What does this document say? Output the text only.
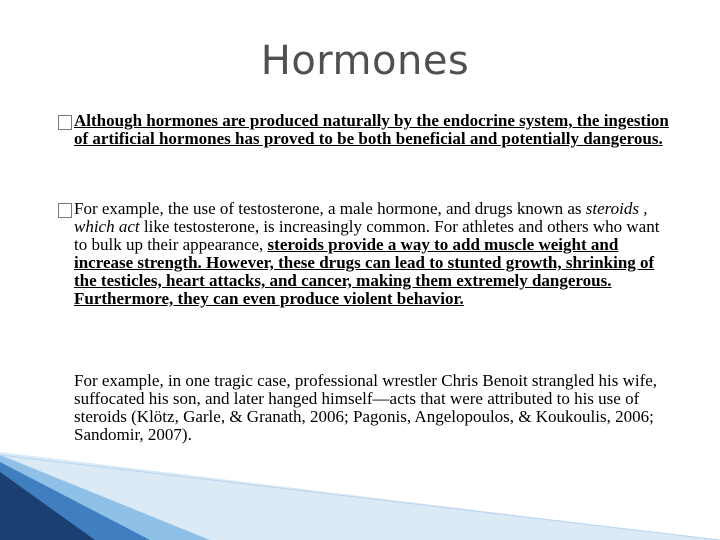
Hormones

Although hormones are produced naturally by the endocrine system, the ingestion of artificial hormones has proved to be both beneficial and potentially dangerous.

For example, the use of testosterone, a male hormone, and drugs known as steroids , which act like testosterone, is increasingly common. For athletes and others who want to bulk up their appearance, steroids provide a way to add muscle weight and increase strength. However, these drugs can lead to stunted growth, shrinking of the testicles, heart attacks, and cancer, making them extremely dangerous. Furthermore, they can even produce violent behavior.

For example, in one tragic case, professional wrestler Chris Benoit strangled his wife, suffocated his son, and later hanged himself—acts that were attributed to his use of steroids (Klötz, Garle, & Granath, 2006; Pagonis, Angelopoulos, & Koukoulis, 2006; Sandomir, 2007).
